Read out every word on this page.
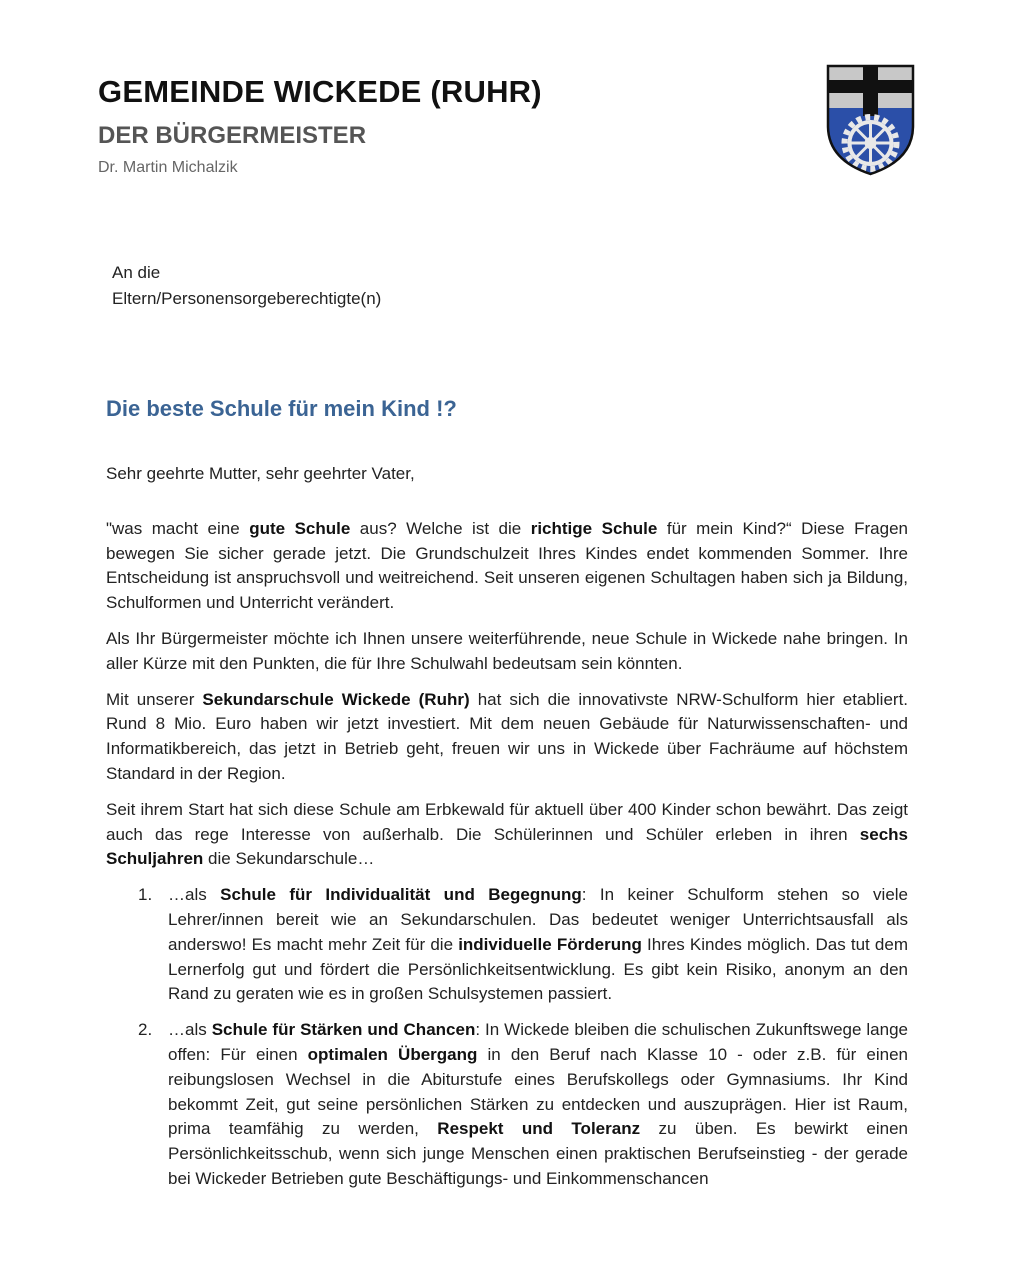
GEMEINDE WICKEDE (RUHR)
DER BÜRGERMEISTER

Dr. Martin Michalzik

An die
Eltern/Personensorgeberechtigte(n)
Die beste Schule für mein Kind !?

Sehr geehrte Mutter, sehr geehrter Vater,

"was macht eine gute Schule aus? Welche ist die richtige Schule für mein Kind?“ Diese Fragen bewegen Sie sicher gerade jetzt. Die Grundschulzeit Ihres Kindes endet kommenden Sommer. Ihre Entscheidung ist anspruchsvoll und weitreichend. Seit unseren eigenen Schultagen haben sich ja Bildung, Schulformen und Unterricht verändert.

Als Ihr Bürgermeister möchte ich Ihnen unsere weiterführende, neue Schule in Wickede nahe bringen. In aller Kürze mit den Punkten, die für Ihre Schulwahl bedeutsam sein könnten.

Mit unserer Sekundarschule Wickede (Ruhr) hat sich die innovativste NRW-Schulform hier etabliert. Rund 8 Mio. Euro haben wir jetzt investiert. Mit dem neuen Gebäude für Naturwissenschaften- und Informatikbereich, das jetzt in Betrieb geht, freuen wir uns in Wickede über Fachräume auf höchstem Standard in der Region.

Seit ihrem Start hat sich diese Schule am Erbkewald für aktuell über 400 Kinder schon bewährt. Das zeigt auch das rege Interesse von außerhalb. Die Schülerinnen und Schüler erleben in ihren sechs Schuljahren die Sekundarschule…

1. …als Schule für Individualität und Begegnung: In keiner Schulform stehen so viele Lehrer/innen bereit wie an Sekundarschulen. Das bedeutet weniger Unterrichtsausfall als anderswo! Es macht mehr Zeit für die individuelle Förderung Ihres Kindes möglich. Das tut dem Lernerfolg gut und fördert die Persönlichkeitsentwicklung. Es gibt kein Risiko, anonym an den Rand zu geraten wie es in großen Schulsystemen passiert.
2. …als Schule für Stärken und Chancen: In Wickede bleiben die schulischen Zukunftswege lange offen: Für einen optimalen Übergang in den Beruf nach Klasse 10 - oder z.B. für einen reibungslosen Wechsel in die Abiturstufe eines Berufskollegs oder Gymnasiums. Ihr Kind bekommt Zeit, gut seine persönlichen Stärken zu entdecken und auszuprägen. Hier ist Raum, prima teamfähig zu werden, Respekt und Toleranz zu üben. Es bewirkt einen Persönlichkeitsschub, wenn sich junge Menschen einen praktischen Berufseinstieg - der gerade bei Wickeder Betrieben gute Beschäftigungs- und Einkommenschancen
